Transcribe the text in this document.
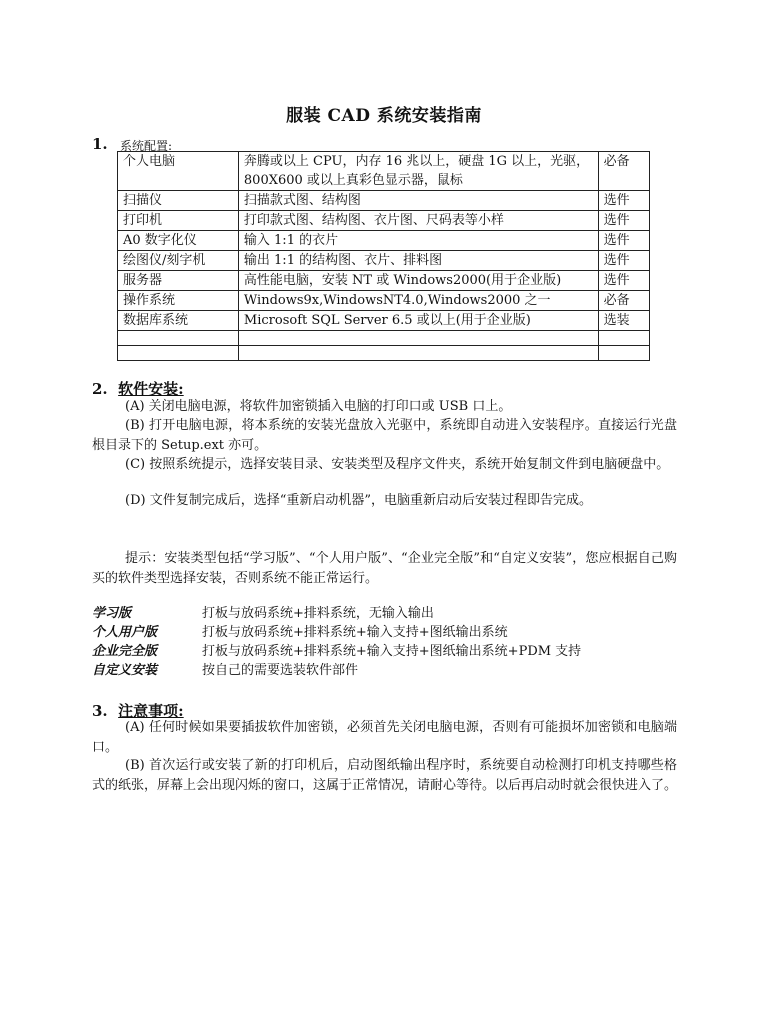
服装 CAD 系统安装指南
1. 系统配置:
个人电脑	奔腾或以上 CPU，内存 16 兆以上，硬盘 1G 以上，光驱，800X600 或以上真彩色显示器，鼠标	必备
扫描仪	扫描款式图、结构图	选件
打印机	打印款式图、结构图、衣片图、尺码表等小样	选件
A0 数字化仪	输入 1:1 的衣片	选件
绘图仪/刻字机	输出 1:1 的结构图、衣片、排料图	选件
服务器	高性能电脑，安装 NT 或 Windows2000(用于企业版)	选件
操作系统	Windows9x,WindowsNT4.0,Windows2000 之一	必备
数据库系统	Microsoft SQL Server 6.5 或以上(用于企业版)	选装

2. 软件安装:
(A) 关闭电脑电源，将软件加密锁插入电脑的打印口或 USB 口上。
(B) 打开电脑电源，将本系统的安装光盘放入光驱中，系统即自动进入安装程序。直接运行光盘根目录下的 Setup.ext 亦可。
(C) 按照系统提示，选择安装目录、安装类型及程序文件夹，系统开始复制文件到电脑硬盘中。
(D) 文件复制完成后，选择“重新启动机器”，电脑重新启动后安装过程即告完成。
提示：安装类型包括“学习版”、“个人用户版”、“企业完全版”和“自定义安装”，您应根据自己购买的软件类型选择安装，否则系统不能正常运行。
学习版	打板与放码系统+排料系统，无输入输出
个人用户版	打板与放码系统+排料系统+输入支持+图纸输出系统
企业完全版	打板与放码系统+排料系统+输入支持+图纸输出系统+PDM 支持
自定义安装	按自己的需要选装软件部件
3. 注意事项:
(A) 任何时候如果要插拔软件加密锁，必须首先关闭电脑电源，否则有可能损坏加密锁和电脑端口。
(B) 首次运行或安装了新的打印机后，启动图纸输出程序时，系统要自动检测打印机支持哪些格式的纸张，屏幕上会出现闪烁的窗口，这属于正常情况，请耐心等待。以后再启动时就会很快进入了。
